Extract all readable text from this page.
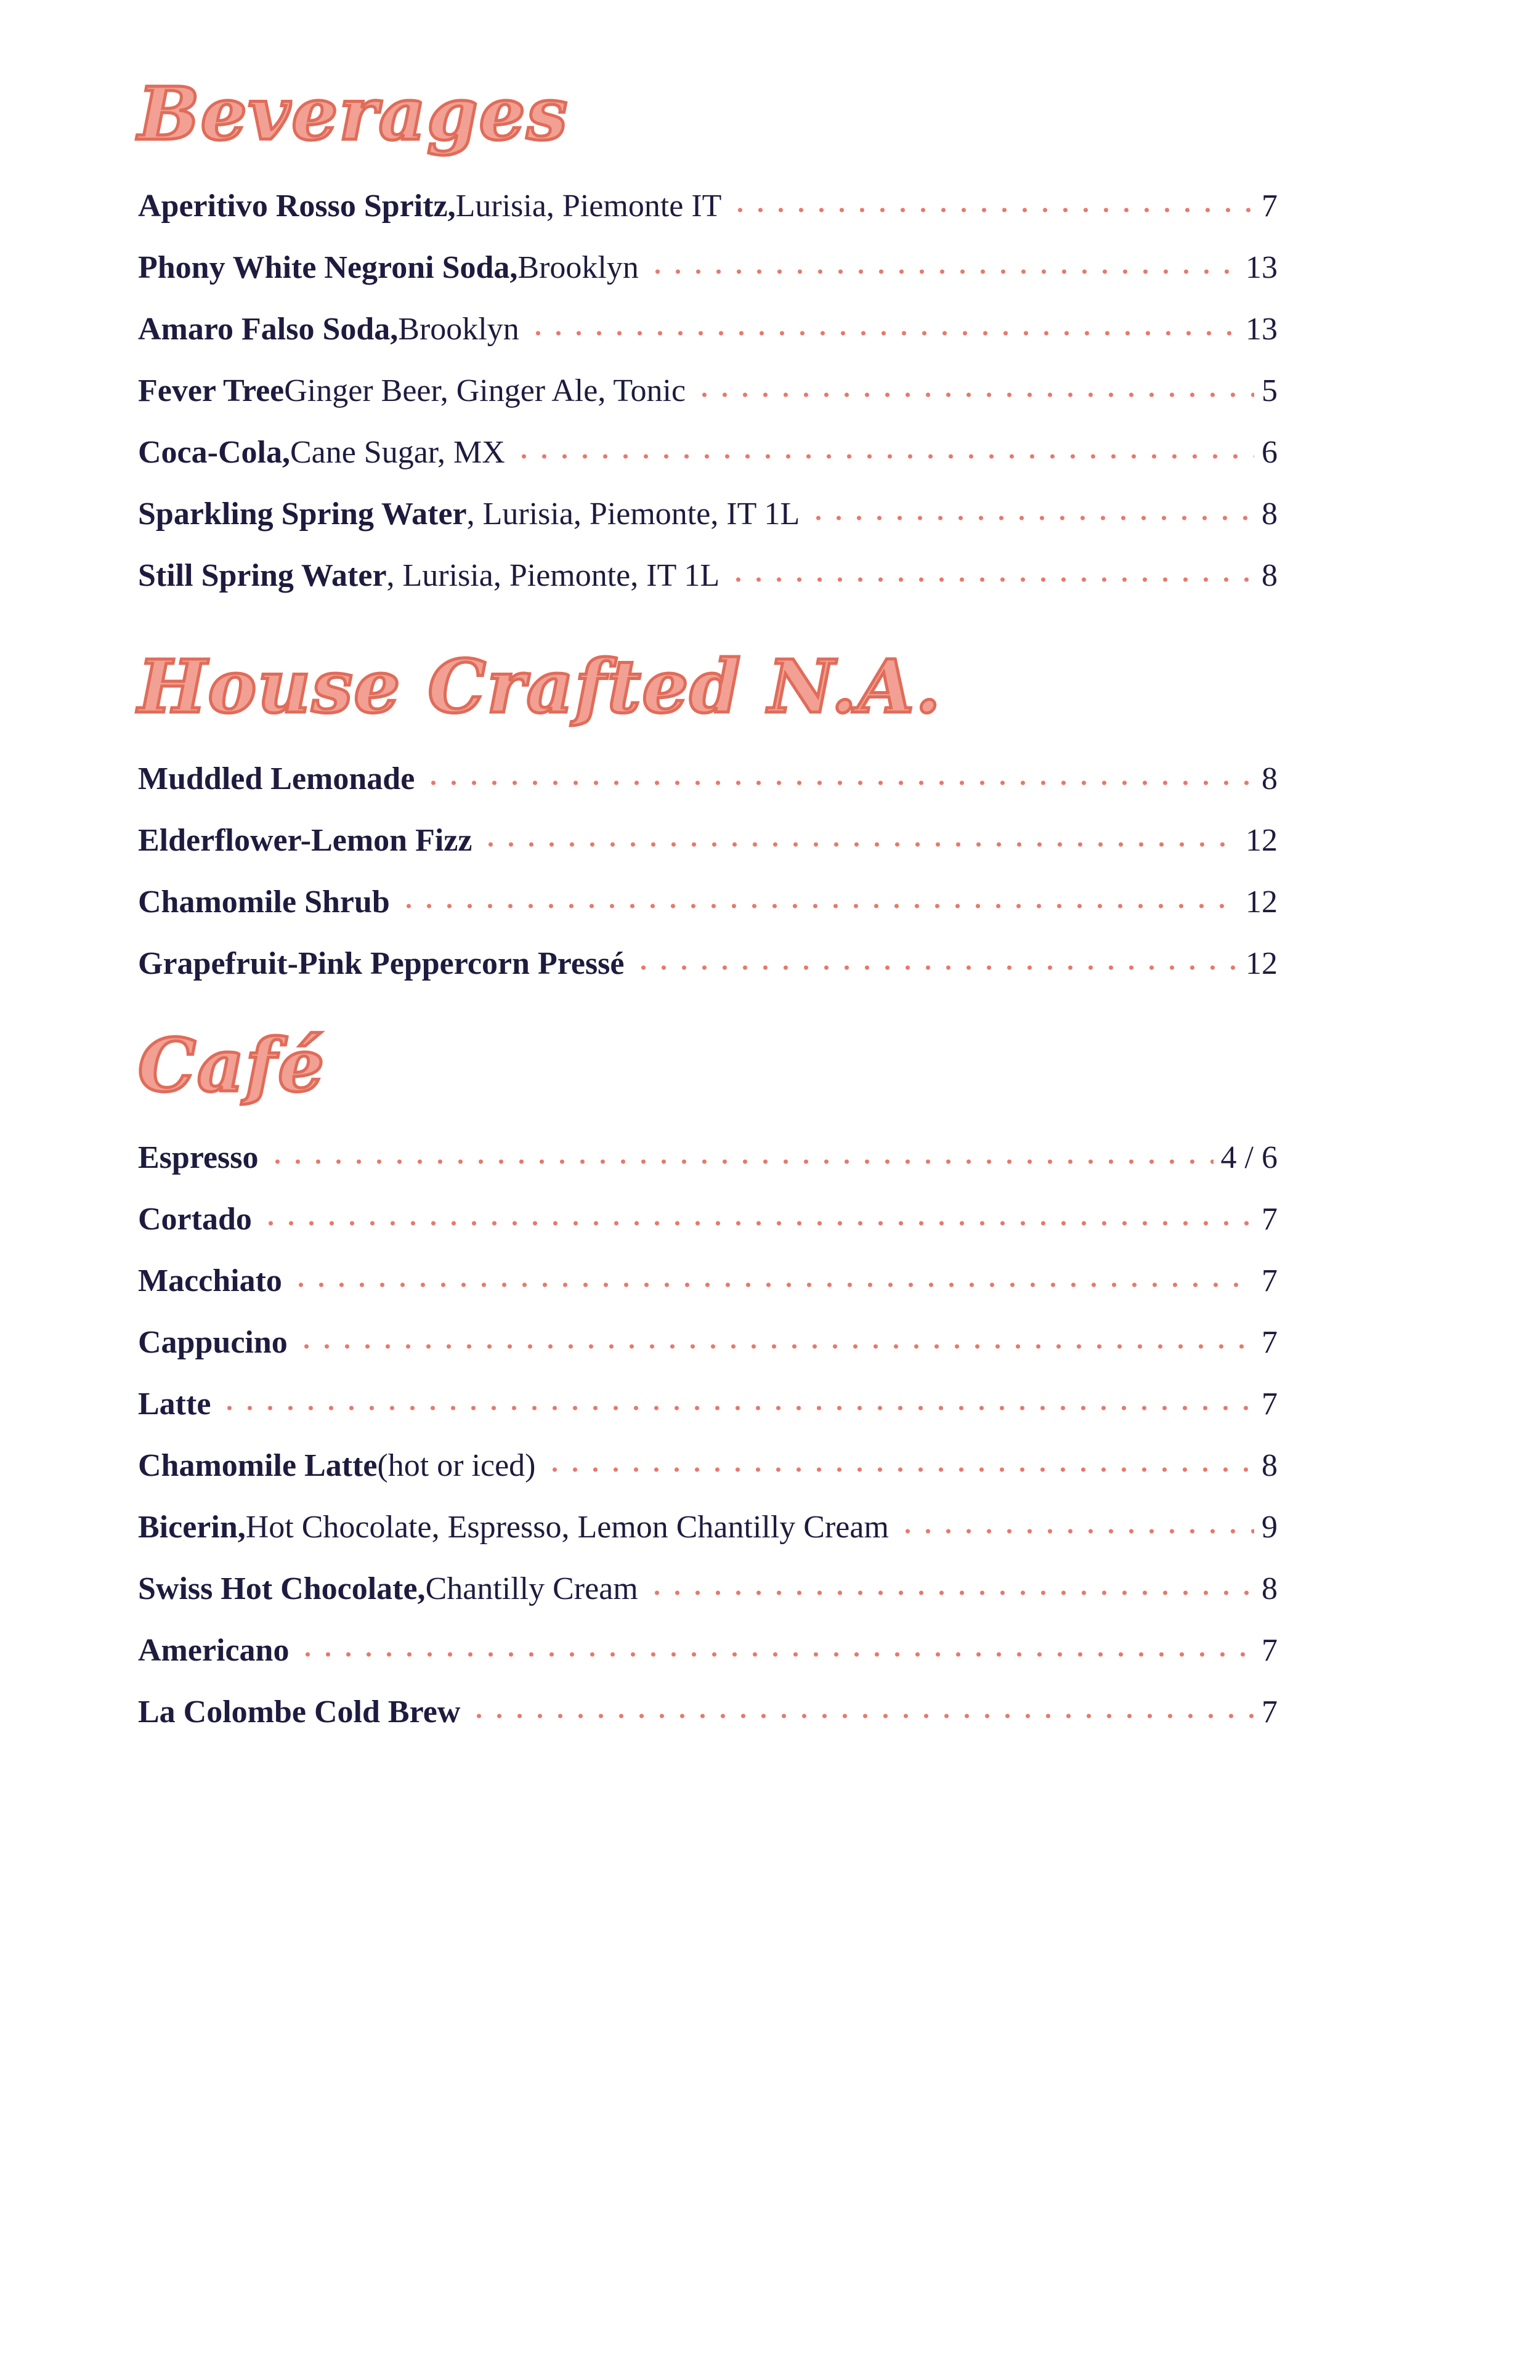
Beverages
Aperitivo Rosso Spritz, Lurisia, Piemonte IT	7
Phony White Negroni Soda, Brooklyn	13
Amaro Falso Soda, Brooklyn	13
Fever Tree Ginger Beer, Ginger Ale, Tonic	5
Coca-Cola, Cane Sugar, MX	6
Sparkling Spring Water , Lurisia, Piemonte, IT 1L	8
Still Spring Water , Lurisia, Piemonte, IT 1L	8
House Crafted N.A.
Muddled Lemonade	8
Elderflower-Lemon Fizz	12
Chamomile Shrub	12
Grapefruit-Pink Peppercorn Pressé	12
Café
Espresso	4 / 6
Cortado	7
Macchiato	7
Cappucino	7
Latte	7
Chamomile Latte (hot or iced)	8
Bicerin, Hot Chocolate, Espresso, Lemon Chantilly Cream	9
Swiss Hot Chocolate, Chantilly Cream	8
Americano	7
La Colombe Cold Brew	7
